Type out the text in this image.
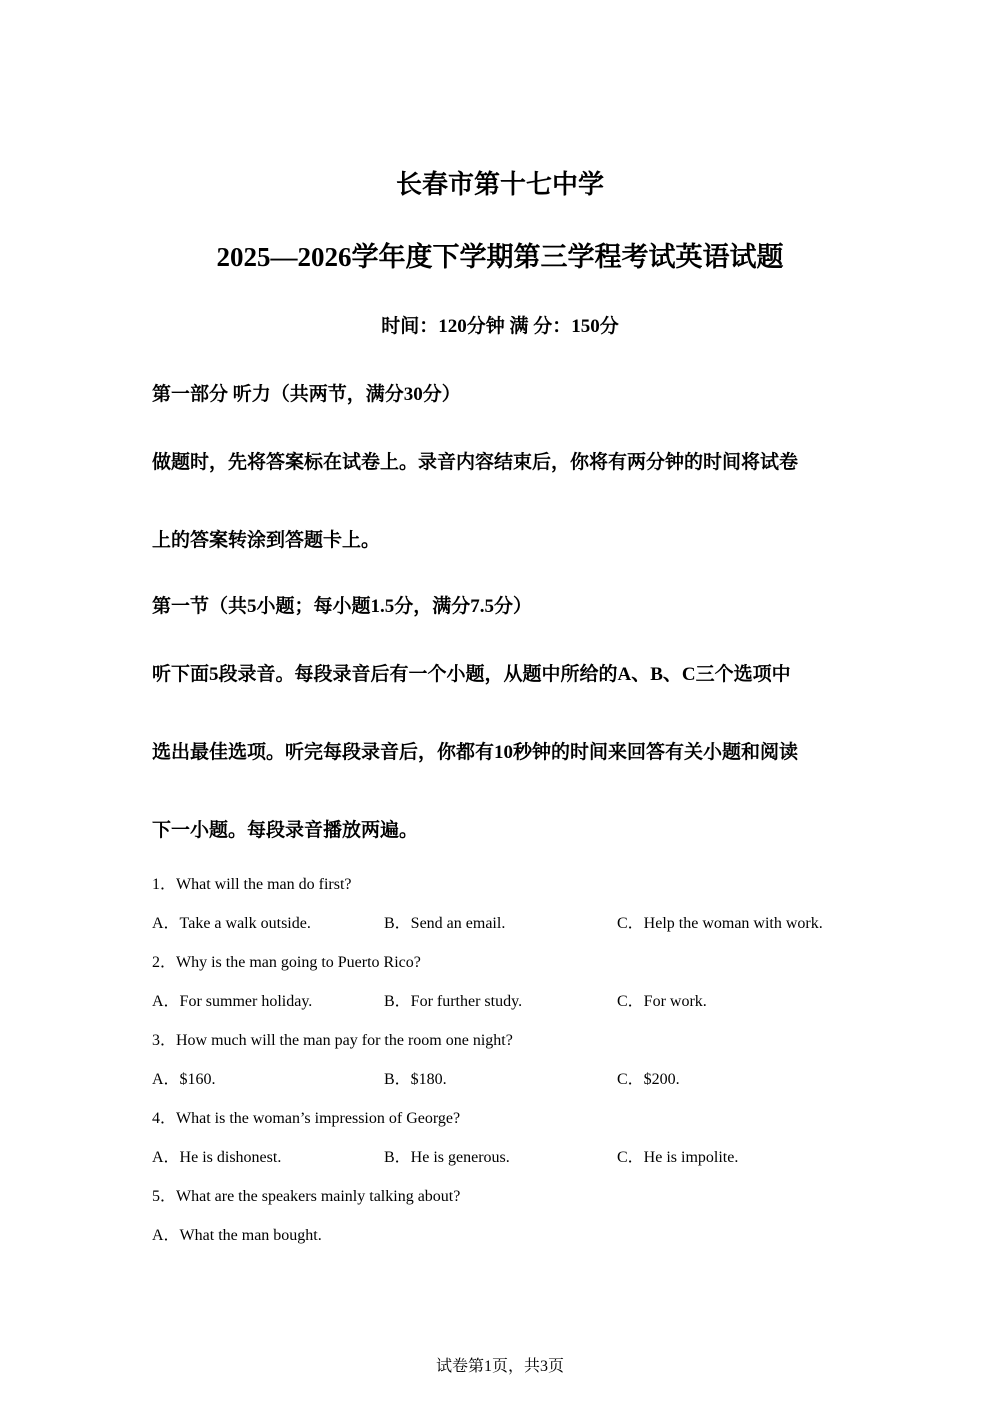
长春市第十七中学
2025—2026学年度下学期第三学程考试英语试题
时间：120分钟 满 分：150分
第一部分 听力（共两节，满分30分）
做题时，先将答案标在试卷上。录音内容结束后，你将有两分钟的时间将试卷
上的答案转涂到答题卡上。
第一节（共5小题；每小题1.5分，满分7.5分）
听下面5段录音。每段录音后有一个小题，从题中所给的A、B、C三个选项中
选出最佳选项。听完每段录音后，你都有10秒钟的时间来回答有关小题和阅读
下一小题。每段录音播放两遍。
1．What will the man do first?
A．Take a walk outside.	B．Send an email.	C．Help the woman with work.
2．Why is the man going to Puerto Rico?
A．For summer holiday.	B．For further study.	C．For work.
3．How much will the man pay for the room one night?
A．$160.	B．$180.	C．$200.
4．What is the woman’s impression of George?
A．He is dishonest.	B．He is generous.	C．He is impolite.
5．What are the speakers mainly talking about?
A．What the man bought.
试卷第1页，共3页
